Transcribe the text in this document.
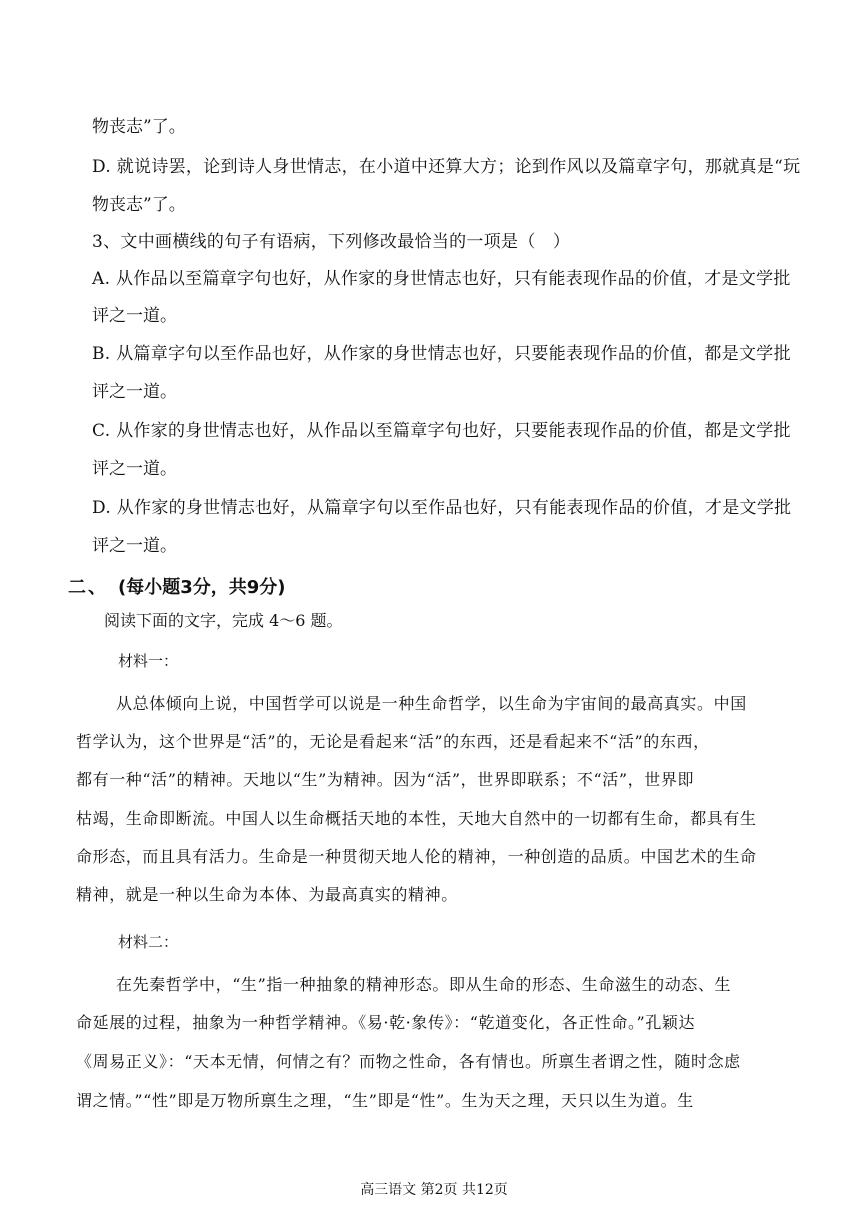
物丧志”了。
D. 就说诗罢，论到诗人身世情志，在小道中还算大方；论到作风以及篇章字句，那就真是“玩
物丧志”了。
3、文中画横线的句子有语病，下列修改最恰当的一项是（　）
A. 从作品以至篇章字句也好，从作家的身世情志也好，只有能表现作品的价值，才是文学批
评之一道。
B. 从篇章字句以至作品也好，从作家的身世情志也好，只要能表现作品的价值，都是文学批
评之一道。
C. 从作家的身世情志也好，从作品以至篇章字句也好，只要能表现作品的价值，都是文学批
评之一道。
D. 从作家的身世情志也好，从篇章字句以至作品也好，只有能表现作品的价值，才是文学批
评之一道。
二、 (每小题3分，共9分)
阅读下面的文字，完成 4～6 题。
材料一：
从总体倾向上说，中国哲学可以说是一种生命哲学，以生命为宇宙间的最高真实。中国
哲学认为，这个世界是“活”的，无论是看起来“活”的东西，还是看起来不“活”的东西，
都有一种“活”的精神。天地以“生”为精神。因为“活”，世界即联系；不“活”，世界即
枯竭，生命即断流。中国人以生命概括天地的本性，天地大自然中的一切都有生命，都具有生
命形态，而且具有活力。生命是一种贯彻天地人伦的精神，一种创造的品质。中国艺术的生命
精神，就是一种以生命为本体、为最高真实的精神。
材料二：
在先秦哲学中，“生”指一种抽象的精神形态。即从生命的形态、生命滋生的动态、生
命延展的过程，抽象为一种哲学精神。《易·乾·象传》：“乾道变化，各正性命。”孔颖达
《周易正义》：“天本无情，何情之有？而物之性命，各有情也。所禀生者谓之性，随时念虑
谓之情。”“性”即是万物所禀生之理，“生”即是“性”。生为天之理，天只以生为道。生
高三语文 第2页 共12页
